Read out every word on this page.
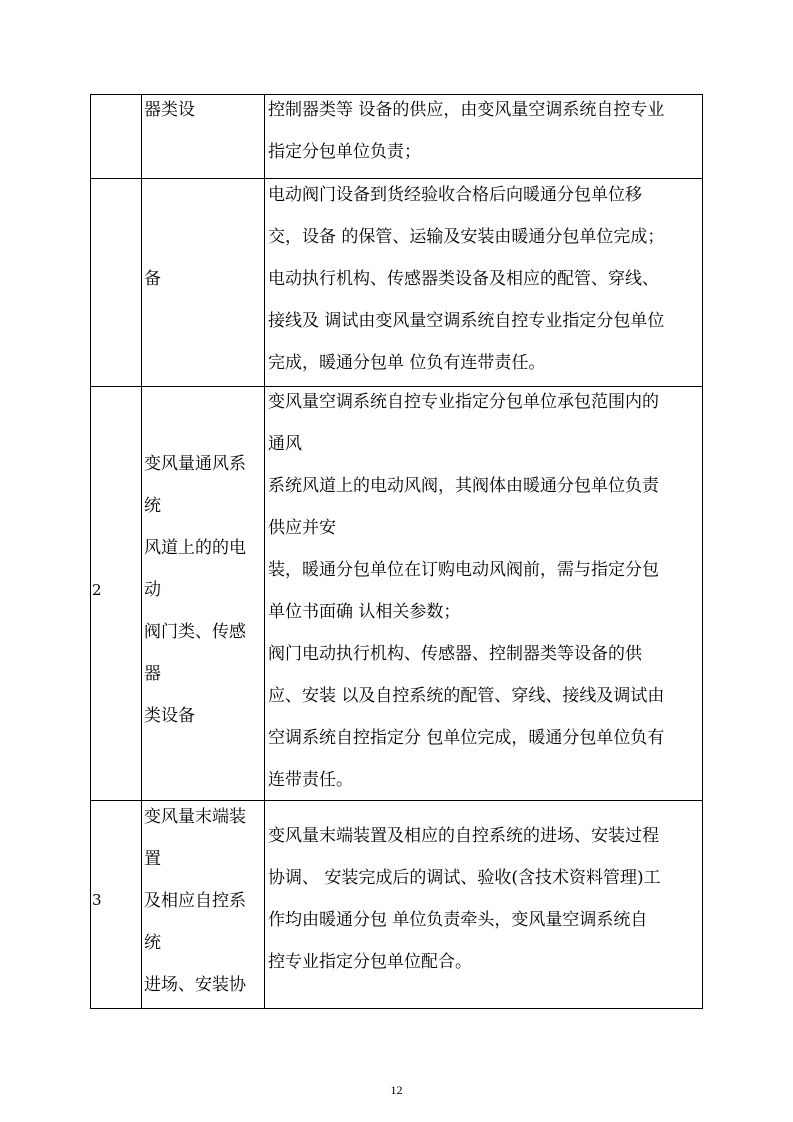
器类设	控制器类等 设备的供应，由变风量空调系统自控专业
指定分包单位负责；
备
电动阀门设备到货经验收合格后向暖通分包单位移
交，设备 的保管、运输及安装由暖通分包单位完成；
电动执行机构、传感器类设备及相应的配管、穿线、
接线及 调试由变风量空调系统自控专业指定分包单位
完成，暖通分包单 位负有连带责任。
2
变风量通风系
统
风道上的的电
动
阀门类、传感
器
类设备
变风量空调系统自控专业指定分包单位承包范围内的
通风
系统风道上的电动风阀，其阀体由暖通分包单位负责
供应并安
装，暖通分包单位在订购电动风阀前，需与指定分包
单位书面确 认相关参数；
阀门电动执行机构、传感器、控制器类等设备的供
应、安装 以及自控系统的配管、穿线、接线及调试由
空调系统自控指定分 包单位完成，暖通分包单位负有
连带责任。
3
变风量末端装
置
及相应自控系
统
进场、安装协
变风量末端装置及相应的自控系统的进场、安装过程
协调、 安装完成后的调试、验收(含技术资料管理)工
作均由暖通分包 单位负责牵头，变风量空调系统自
控专业指定分包单位配合。
12
